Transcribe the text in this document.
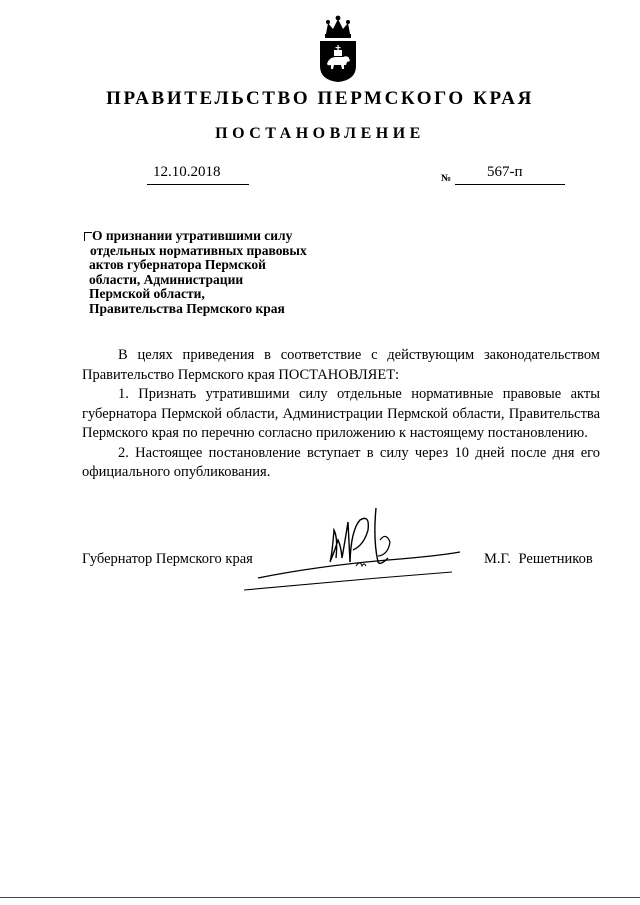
ПРАВИТЕЛЬСТВО ПЕРМСКОГО КРАЯ
ПОСТАНОВЛЕНИЕ
12.10.2018	№	567-п
О признании утратившими силу
отдельных нормативных правовых
актов губернатора Пермской
области, Администрации
Пермской области,
Правительства Пермского края

В целях приведения в соответствие с действующим законодательством Правительство Пермского края ПОСТАНОВЛЯЕТ:

1. Признать утратившими силу отдельные нормативные правовые акты губернатора Пермской области, Администрации Пермской области, Правительства Пермского края по перечню согласно приложению к настоящему постановлению.

2. Настоящее постановление вступает в силу через 10 дней после дня его официального опубликования.

Губернатор Пермского края	М.Г. Решетников
